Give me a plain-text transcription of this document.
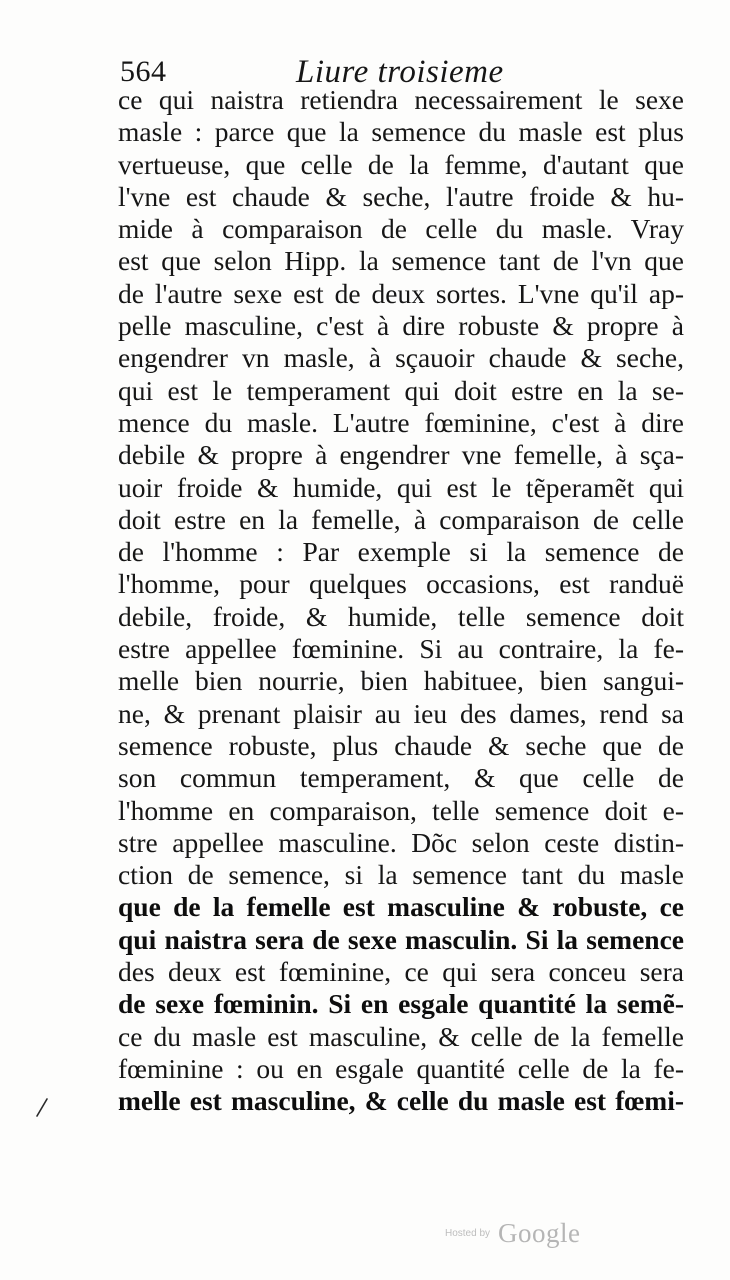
564	Liure troisieme
ce qui naistra retiendra necessairement le sexe
masle : parce que la semence du masle est plus
vertueuse, que celle de la femme, d'autant que
l'vne est chaude & seche, l'autre froide & hu-
mide à comparaison de celle du masle. Vray
est que selon Hipp. la semence tant de l'vn que
de l'autre sexe est de deux sortes. L'vne qu'il ap-
pelle masculine, c'est à dire robuste & propre à
engendrer vn masle, à sçauoir chaude & seche,
qui est le temperament qui doit estre en la se-
mence du masle. L'autre fœminine, c'est à dire
debile & propre à engendrer vne femelle, à sça-
uoir froide & humide, qui est le tẽperamẽt qui
doit estre en la femelle, à comparaison de celle
de l'homme : Par exemple si la semence de
l'homme, pour quelques occasions, est randuë
debile, froide, & humide, telle semence doit
estre appellee fœminine. Si au contraire, la fe-
melle bien nourrie, bien habituee, bien sangui-
ne, & prenant plaisir au ieu des dames, rend sa
semence robuste, plus chaude & seche que de
son commun temperament, & que celle de
l'homme en comparaison, telle semence doit e-
stre appellee masculine. Dõc selon ceste distin-
ction de semence, si la semence tant du masle
que de la femelle est masculine & robuste, ce
qui naistra sera de sexe masculin. Si la semence
des deux est fœminine, ce qui sera conceu sera
de sexe fœminin. Si en esgale quantité la semẽ-
ce du masle est masculine, & celle de la femelle
fœminine : ou en esgale quantité celle de la fe-
melle est masculine, & celle du masle est fœmi-
Hosted by Google
